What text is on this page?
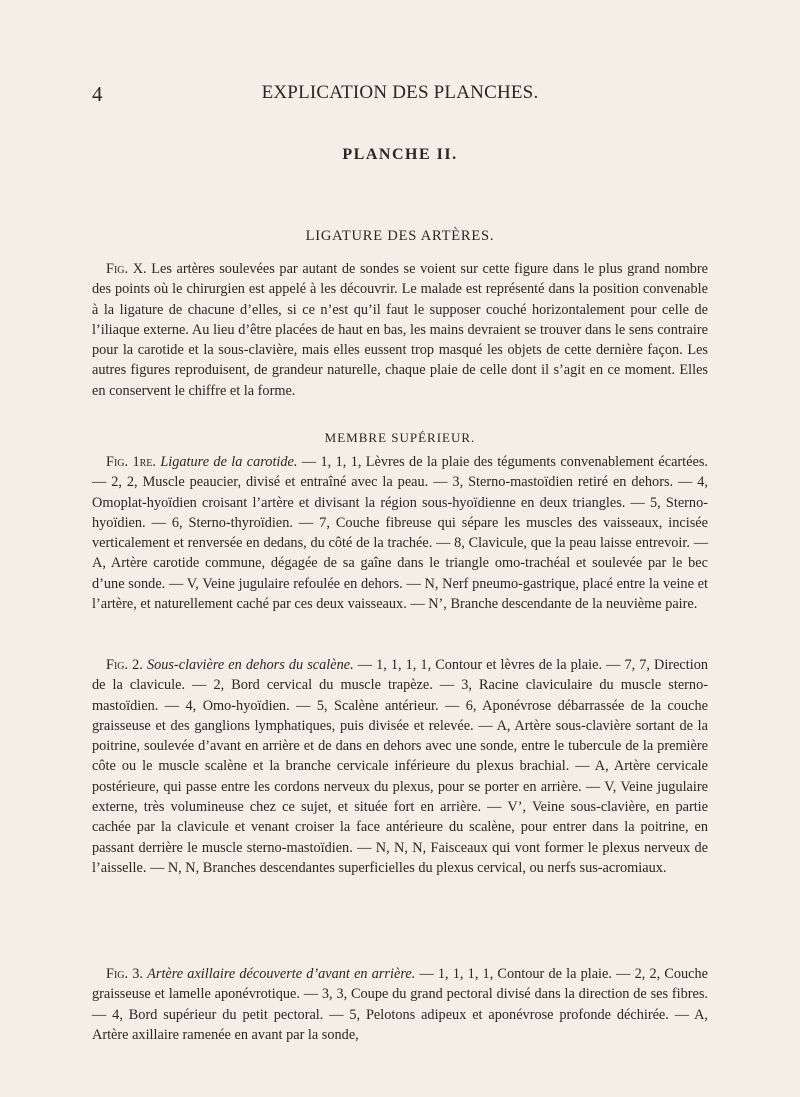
4	EXPLICATION DES PLANCHES.
PLANCHE II.
LIGATURE DES ARTÈRES.

Fig. X. Les artères soulevées par autant de sondes se voient sur cette figure dans le plus grand nombre des points où le chirurgien est appelé à les découvrir. Le malade est représenté dans la position convenable à la ligature de chacune d’elles, si ce n’est qu’il faut le supposer couché horizontalement pour celle de l’iliaque externe. Au lieu d’être placées de haut en bas, les mains devraient se trouver dans le sens contraire pour la carotide et la sous-clavière, mais elles eussent trop masqué les objets de cette dernière façon. Les autres figures reproduisent, de grandeur naturelle, chaque plaie de celle dont il s’agit en ce moment. Elles en conservent le chiffre et la forme.

MEMBRE SUPÉRIEUR.

Fig. 1re. Ligature de la carotide. — 1, 1, 1, Lèvres de la plaie des téguments convenablement écartées. — 2, 2, Muscle peaucier, divisé et entraîné avec la peau. — 3, Sterno-mastoïdien retiré en dehors. — 4, Omoplat-hyoïdien croisant l’artère et divisant la région sous-hyoïdienne en deux triangles. — 5, Sterno-hyoïdien. — 6, Sterno-thyroïdien. — 7, Couche fibreuse qui sépare les muscles des vaisseaux, incisée verticalement et renversée en dedans, du côté de la trachée. — 8, Clavicule, que la peau laisse entrevoir. — A, Artère carotide commune, dégagée de sa gaîne dans le triangle omo-trachéal et soulevée par le bec d’une sonde. — V, Veine jugulaire refoulée en dehors. — N, Nerf pneumo-gastrique, placé entre la veine et l’artère, et naturellement caché par ces deux vaisseaux. — N’, Branche descendante de la neuvième paire.

Fig. 2. Sous-clavière en dehors du scalène. — 1, 1, 1, 1, Contour et lèvres de la plaie. — 7, 7, Direction de la clavicule. — 2, Bord cervical du muscle trapèze. — 3, Racine claviculaire du muscle sterno-mastoïdien. — 4, Omo-hyoïdien. — 5, Scalène antérieur. — 6, Aponévrose débarrassée de la couche graisseuse et des ganglions lymphatiques, puis divisée et relevée. — A, Artère sous-clavière sortant de la poitrine, soulevée d’avant en arrière et de dans en dehors avec une sonde, entre le tubercule de la première côte ou le muscle scalène et la branche cervicale inférieure du plexus brachial. — A, Artère cervicale postérieure, qui passe entre les cordons nerveux du plexus, pour se porter en arrière. — V, Veine jugulaire externe, très volumineuse chez ce sujet, et située fort en arrière. — V’, Veine sous-clavière, en partie cachée par la clavicule et venant croiser la face antérieure du scalène, pour entrer dans la poitrine, en passant derrière le muscle sterno-mastoïdien. — N, N, N, Faisceaux qui vont former le plexus nerveux de l’aisselle. — N, N, Branches descendantes superficielles du plexus cervical, ou nerfs sus-acromiaux.

Fig. 3. Artère axillaire découverte d’avant en arrière. — 1, 1, 1, 1, Contour de la plaie. — 2, 2, Couche graisseuse et lamelle aponévrotique. — 3, 3, Coupe du grand pectoral divisé dans la direction de ses fibres. — 4, Bord supérieur du petit pectoral. — 5, Pelotons adipeux et aponévrose profonde déchirée. — A, Artère axillaire ramenée en avant par la sonde,
